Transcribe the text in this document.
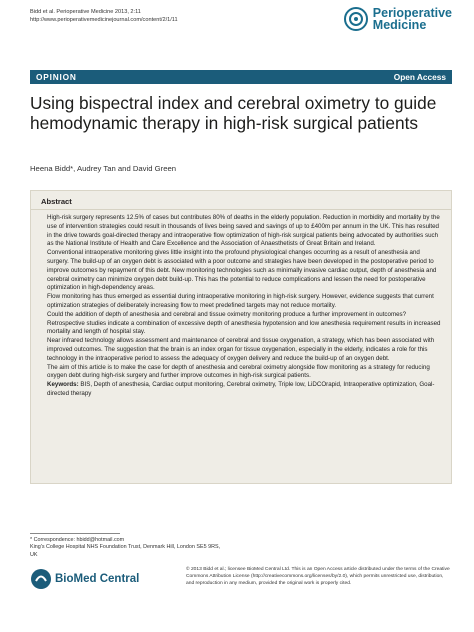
Bidd et al. Perioperative Medicine 2013, 2:11
http://www.perioperativemedicinejournal.com/content/2/1/11
Perioperative
Medicine
OPINION	Open Access
Using bispectral index and cerebral oximetry to guide hemodynamic therapy in high-risk surgical patients
Heena Bidd*, Audrey Tan and David Green
Abstract

High-risk surgery represents 12.5% of cases but contributes 80% of deaths in the elderly population. Reduction in morbidity and mortality by the use of intervention strategies could result in thousands of lives being saved and savings of up to £400m per annum in the UK. This has resulted in the drive towards goal-directed therapy and intraoperative flow optimization of high-risk surgical patients being advocated by authorities such as the National Institute of Health and Care Excellence and the Association of Anaesthetists of Great Britain and Ireland.

Conventional intraoperative monitoring gives little insight into the profound physiological changes occurring as a result of anesthesia and surgery. The build-up of an oxygen debt is associated with a poor outcome and strategies have been developed in the postoperative period to improve outcomes by repayment of this debt. New monitoring technologies such as minimally invasive cardiac output, depth of anesthesia and cerebral oximetry can minimize oxygen debt build-up. This has the potential to reduce complications and lessen the need for postoperative optimization in high-dependency areas.

Flow monitoring has thus emerged as essential during intraoperative monitoring in high-risk surgery. However, evidence suggests that current optimization strategies of deliberately increasing flow to meet predefined targets may not reduce mortality.

Could the addition of depth of anesthesia and cerebral and tissue oximetry monitoring produce a further improvement in outcomes?

Retrospective studies indicate a combination of excessive depth of anesthesia hypotension and low anesthesia requirement results in increased mortality and length of hospital stay.

Near infrared technology allows assessment and maintenance of cerebral and tissue oxygenation, a strategy, which has been associated with improved outcomes. The suggestion that the brain is an index organ for tissue oxygenation, especially in the elderly, indicates a role for this technology in the intraoperative period to assess the adequacy of oxygen delivery and reduce the build-up of an oxygen debt.

The aim of this article is to make the case for depth of anesthesia and cerebral oximetry alongside flow monitoring as a strategy for reducing oxygen debt during high-risk surgery and further improve outcomes in high-risk surgical patients.

Keywords: BIS, Depth of anesthesia, Cardiac output monitoring, Cerebral oximetry, Triple low, LiDCOrapid, Intraoperative optimization, Goal-directed therapy

* Correspondence: hbidd@hotmail.com
King's College Hospital NHS Foundation Trust, Denmark Hill, London SE5 9RS,
UK
BioMed Central
© 2013 Bidd et al.; licensee BioMed Central Ltd. This is an Open Access article distributed under the terms of the Creative Commons Attribution License (http://creativecommons.org/licenses/by/2.0), which permits unrestricted use, distribution, and reproduction in any medium, provided the original work is properly cited.
